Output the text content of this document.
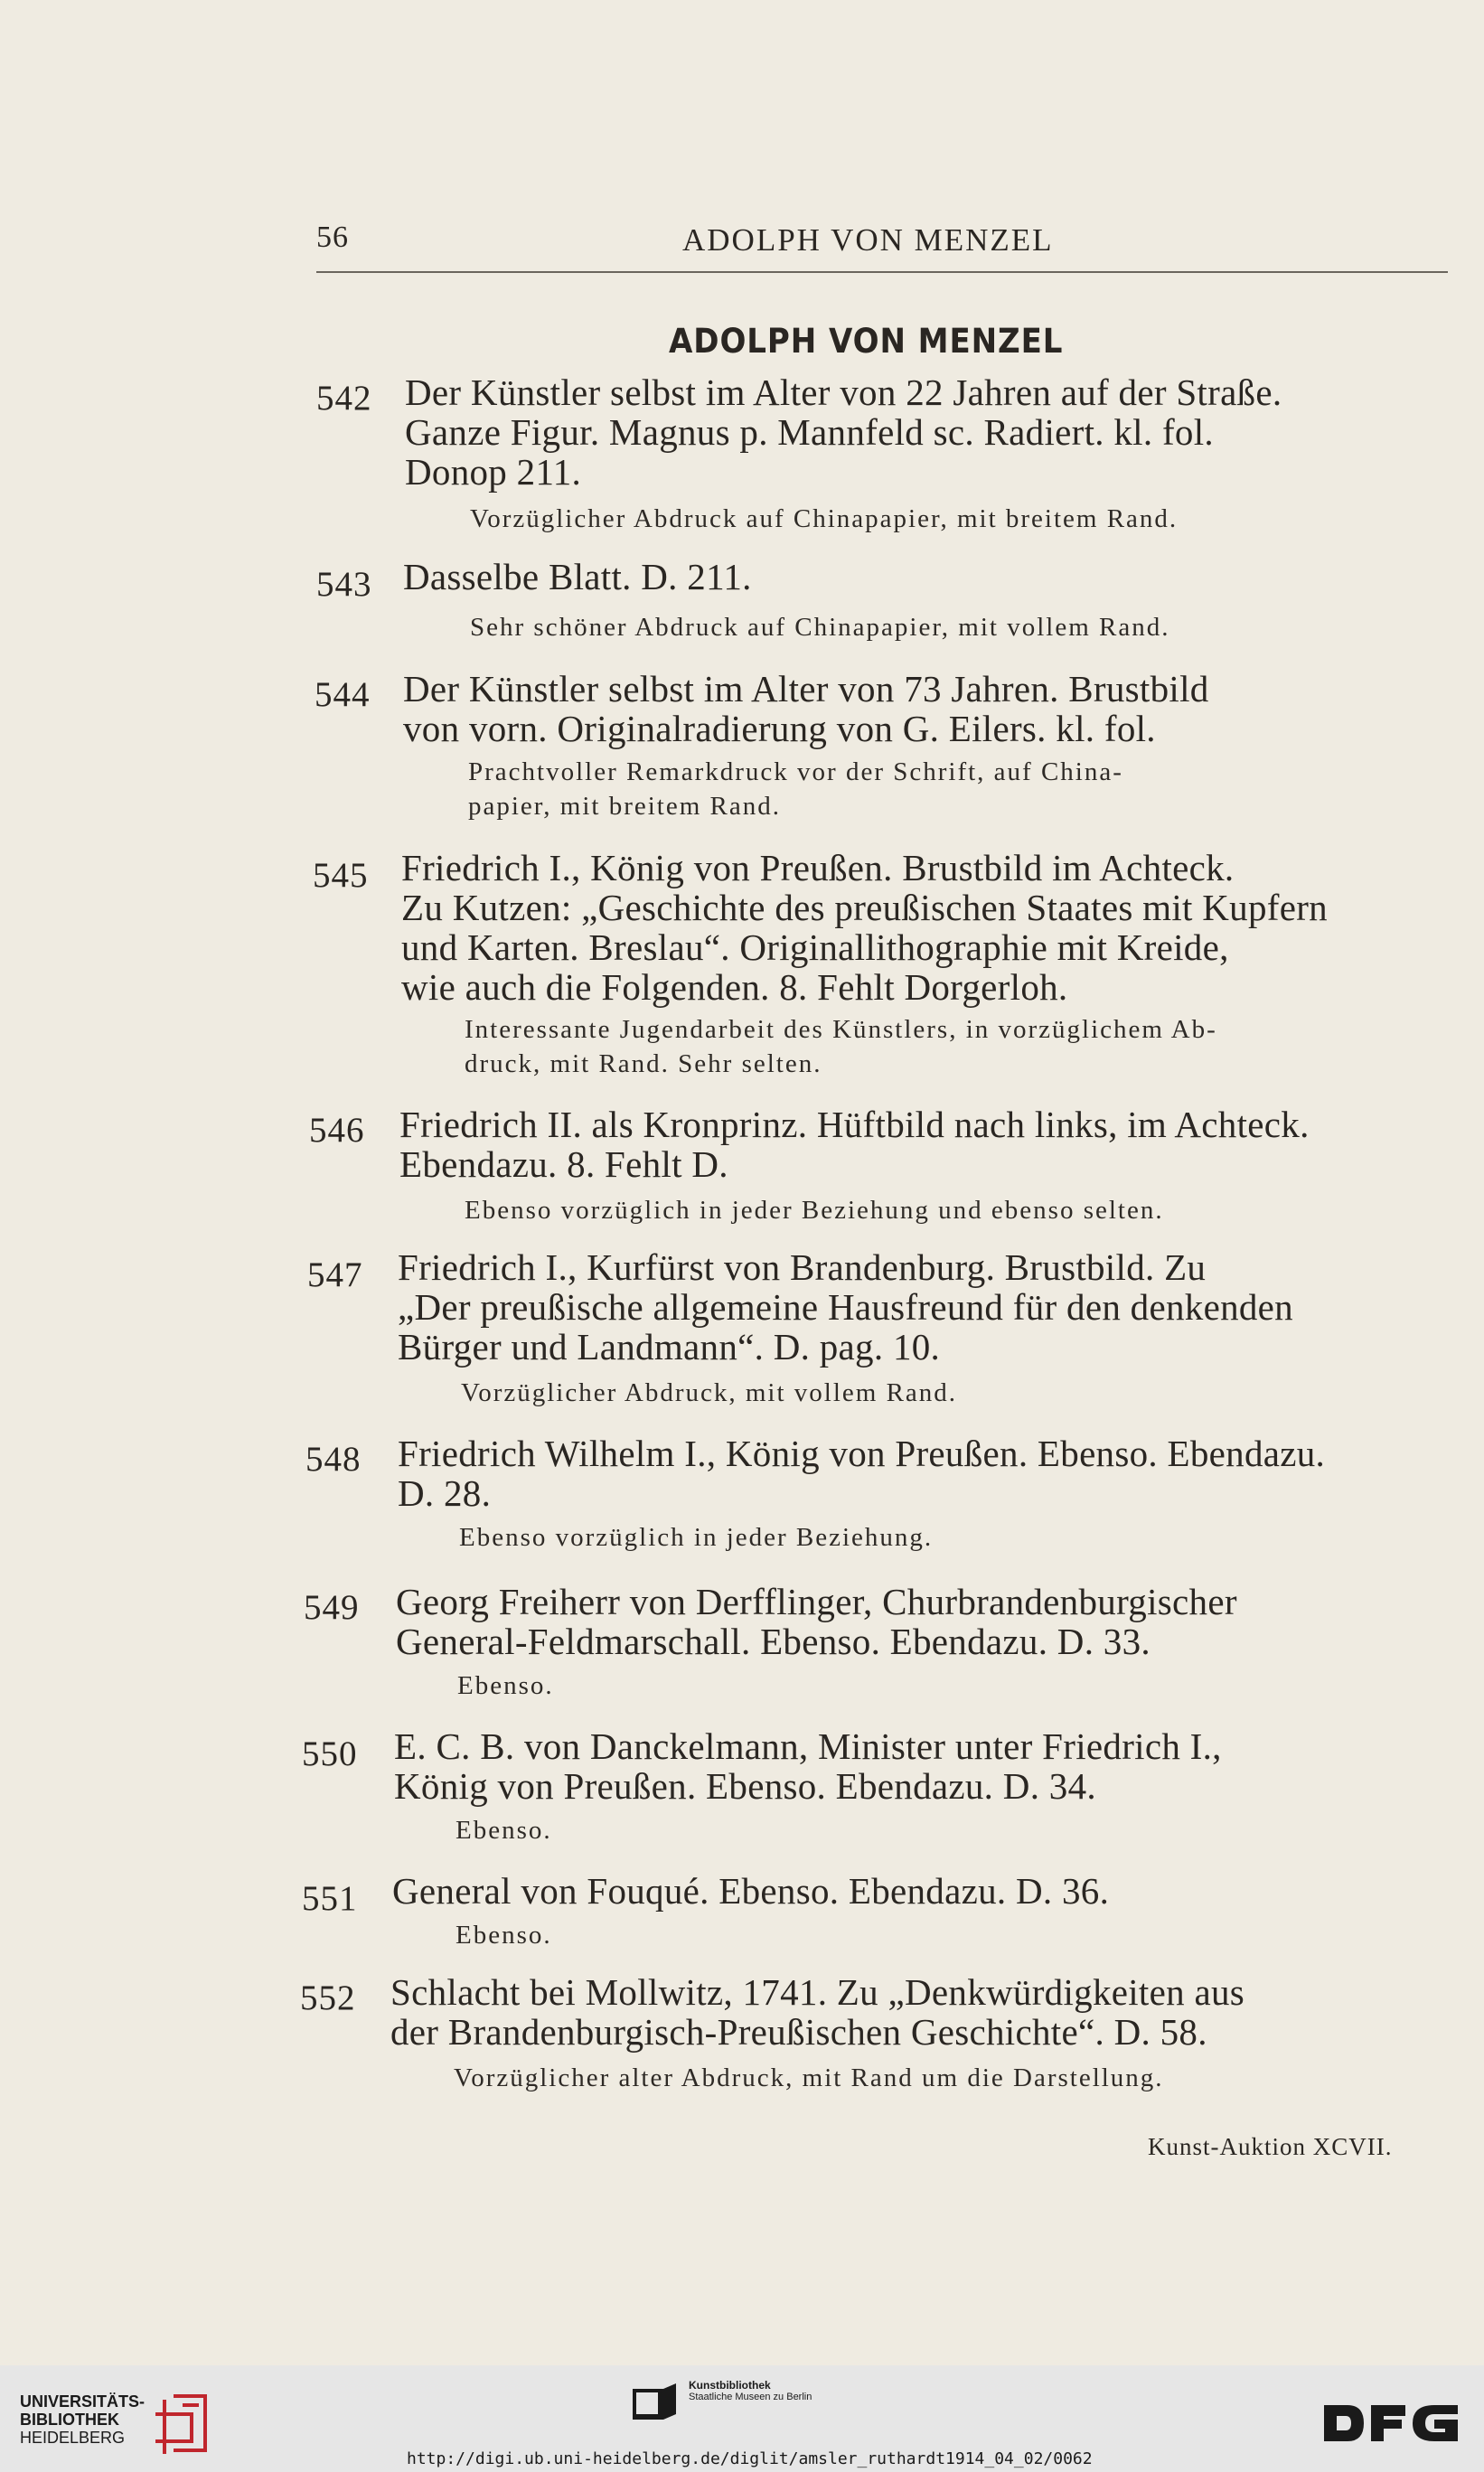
56	ADOLPH VON MENZEL
ADOLPH VON MENZEL
542 Der Künstler selbst im Alter von 22 Jahren auf der Straße.
Ganze Figur. Magnus p. Mannfeld sc. Radiert. kl. fol.
Donop 211.
Vorzüglicher Abdruck auf Chinapapier, mit breitem Rand.
543 Dasselbe Blatt. D. 211.
Sehr schöner Abdruck auf Chinapapier, mit vollem Rand.
544 Der Künstler selbst im Alter von 73 Jahren. Brustbild
von vorn. Originalradierung von G. Eilers. kl. fol.
Prachtvoller Remarkdruck vor der Schrift, auf China-
papier, mit breitem Rand.
545 Friedrich I., König von Preußen. Brustbild im Achteck.
Zu Kutzen: „Geschichte des preußischen Staates mit Kupfern
und Karten. Breslau“. Originallithographie mit Kreide,
wie auch die Folgenden. 8. Fehlt Dorgerloh.
Interessante Jugendarbeit des Künstlers, in vorzüglichem Ab-
druck, mit Rand. Sehr selten.
546 Friedrich II. als Kronprinz. Hüftbild nach links, im Achteck.
Ebendazu. 8. Fehlt D.
Ebenso vorzüglich in jeder Beziehung und ebenso selten.
547 Friedrich I., Kurfürst von Brandenburg. Brustbild. Zu
„Der preußische allgemeine Hausfreund für den denkenden
Bürger und Landmann“. D. pag. 10.
Vorzüglicher Abdruck, mit vollem Rand.
548 Friedrich Wilhelm I., König von Preußen. Ebenso. Ebendazu.
D. 28.
Ebenso vorzüglich in jeder Beziehung.
549 Georg Freiherr von Derfflinger, Churbrandenburgischer
General-Feldmarschall. Ebenso. Ebendazu. D. 33.
Ebenso.
550 E. C. B. von Danckelmann, Minister unter Friedrich I.,
König von Preußen. Ebenso. Ebendazu. D. 34.
Ebenso.
551 General von Fouqué. Ebenso. Ebendazu. D. 36.
Ebenso.
552 Schlacht bei Mollwitz, 1741. Zu „Denkwürdigkeiten aus
der Brandenburgisch-Preußischen Geschichte“. D. 58.
Vorzüglicher alter Abdruck, mit Rand um die Darstellung.
Kunst-Auktion XCVII.
UNIVERSITÄTS-
BIBLIOTHEK
HEIDELBERG
Kunstbibliothek
Staatliche Museen zu Berlin
http://digi.ub.uni-heidelberg.de/diglit/amsler_ruthardt1914_04_02/0062
